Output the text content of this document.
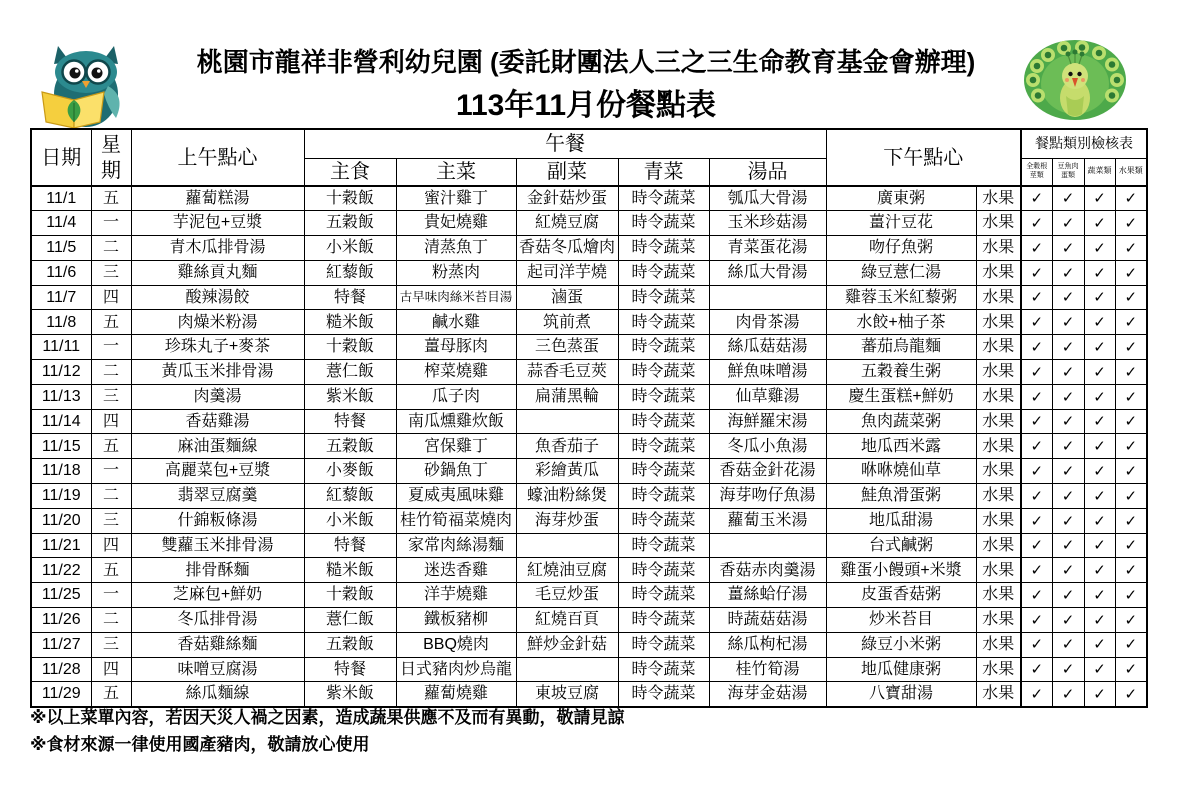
桃園市龍祥非營利幼兒園 (委託財團法人三之三生命教育基金會辦理)
113年11月份餐點表
日期	星期	上午點心	午餐					下午點心		餐點類別檢核表			
			主食	主菜	副菜	青菜	湯品			全穀根莖類	豆魚肉蛋類	蔬菜類	水果類
11/1	五	蘿蔔糕湯	十穀飯	蜜汁雞丁	金針菇炒蛋	時令蔬菜	瓠瓜大骨湯	廣東粥	水果	✓	✓	✓	✓
11/4	一	芋泥包+豆漿	五穀飯	貴妃燒雞	紅燒豆腐	時令蔬菜	玉米珍菇湯	薑汁豆花	水果	✓	✓	✓	✓
11/5	二	青木瓜排骨湯	小米飯	清蒸魚丁	香菇冬瓜燴肉	時令蔬菜	青菜蛋花湯	吻仔魚粥	水果	✓	✓	✓	✓
11/6	三	雞絲貢丸麵	紅藜飯	粉蒸肉	起司洋芋燒	時令蔬菜	絲瓜大骨湯	綠豆薏仁湯	水果	✓	✓	✓	✓
11/7	四	酸辣湯餃	特餐	古早味肉絲米苔目湯	滷蛋	時令蔬菜		雞蓉玉米紅藜粥	水果	✓	✓	✓	✓
11/8	五	肉燥米粉湯	糙米飯	鹹水雞	筑前煮	時令蔬菜	肉骨茶湯	水餃+柚子茶	水果	✓	✓	✓	✓
11/11	一	珍珠丸子+麥茶	十穀飯	薑母豚肉	三色蒸蛋	時令蔬菜	絲瓜菇菇湯	蕃茄烏龍麵	水果	✓	✓	✓	✓
11/12	二	黃瓜玉米排骨湯	薏仁飯	榨菜燒雞	蒜香毛豆莢	時令蔬菜	鮮魚味噌湯	五穀養生粥	水果	✓	✓	✓	✓
11/13	三	肉羹湯	紫米飯	瓜子肉	扁蒲黑輪	時令蔬菜	仙草雞湯	慶生蛋糕+鮮奶	水果	✓	✓	✓	✓
11/14	四	香菇雞湯	特餐	南瓜燻雞炊飯		時令蔬菜	海鮮羅宋湯	魚肉蔬菜粥	水果	✓	✓	✓	✓
11/15	五	麻油蛋麵線	五穀飯	宮保雞丁	魚香茄子	時令蔬菜	冬瓜小魚湯	地瓜西米露	水果	✓	✓	✓	✓
11/18	一	高麗菜包+豆漿	小麥飯	砂鍋魚丁	彩繪黃瓜	時令蔬菜	香菇金針花湯	咻咻燒仙草	水果	✓	✓	✓	✓
11/19	二	翡翠豆腐羹	紅藜飯	夏威夷風味雞	蠔油粉絲煲	時令蔬菜	海芽吻仔魚湯	鮭魚滑蛋粥	水果	✓	✓	✓	✓
11/20	三	什錦粄條湯	小米飯	桂竹筍福菜燒肉	海芽炒蛋	時令蔬菜	蘿蔔玉米湯	地瓜甜湯	水果	✓	✓	✓	✓
11/21	四	雙蘿玉米排骨湯	特餐	家常肉絲湯麵		時令蔬菜		台式鹹粥	水果	✓	✓	✓	✓
11/22	五	排骨酥麵	糙米飯	迷迭香雞	紅燒油豆腐	時令蔬菜	香菇赤肉羹湯	雞蛋小饅頭+米漿	水果	✓	✓	✓	✓
11/25	一	芝麻包+鮮奶	十穀飯	洋芋燒雞	毛豆炒蛋	時令蔬菜	薑絲蛤仔湯	皮蛋香菇粥	水果	✓	✓	✓	✓
11/26	二	冬瓜排骨湯	薏仁飯	鐵板豬柳	紅燒百頁	時令蔬菜	時蔬菇菇湯	炒米苔目	水果	✓	✓	✓	✓
11/27	三	香菇雞絲麵	五穀飯	BBQ燒肉	鮮炒金針菇	時令蔬菜	絲瓜枸杞湯	綠豆小米粥	水果	✓	✓	✓	✓
11/28	四	味噌豆腐湯	特餐	日式豬肉炒烏龍		時令蔬菜	桂竹筍湯	地瓜健康粥	水果	✓	✓	✓	✓
11/29	五	絲瓜麵線	紫米飯	蘿蔔燒雞	東坡豆腐	時令蔬菜	海芽金菇湯	八寶甜湯	水果	✓	✓	✓	✓
※以上菜單內容，若因天災人禍之因素，造成蔬果供應不及而有異動，敬請見諒
※食材來源一律使用國產豬肉，敬請放心使用
